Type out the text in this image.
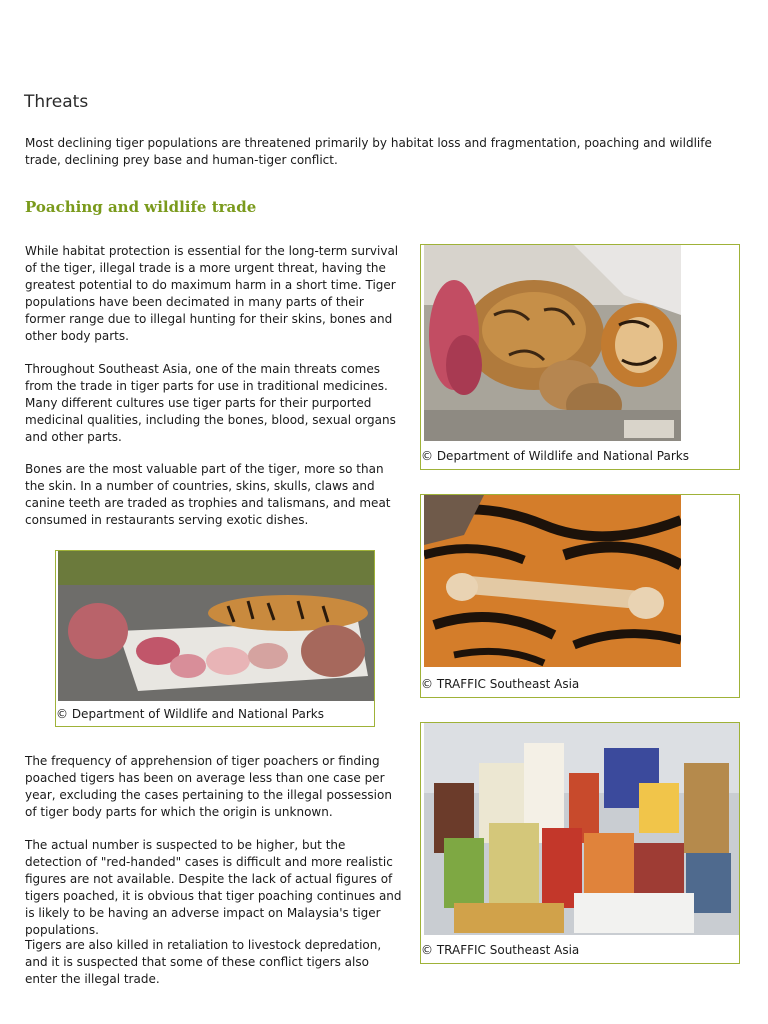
Threats

Most declining tiger populations are threatened primarily by habitat loss and fragmentation, poaching and wildlife trade, declining prey base and human-tiger conflict.

Poaching and wildlife trade

While habitat protection is essential for the long-term survival of the tiger, illegal trade is a more urgent threat, having the greatest potential to do maximum harm in a short time. Tiger populations have been decimated in many parts of their former range due to illegal hunting for their skins, bones and other body parts.

Throughout Southeast Asia, one of the main threats comes from the trade in tiger parts for use in traditional medicines. Many different cultures use tiger parts for their purported medicinal qualities, including the bones, blood, sexual organs and other parts.

Bones are the most valuable part of the tiger, more so than the skin. In a number of countries, skins, skulls, claws and canine teeth are traded as trophies and talismans, and meat consumed in restaurants serving exotic dishes.

The frequency of apprehension of tiger poachers or finding poached tigers has been on average less than one case per year, excluding the cases pertaining to the illegal possession of tiger body parts for which the origin is unknown.

The actual number is suspected to be higher, but the detection of "red-handed" cases is difficult and more realistic figures are not available. Despite the lack of actual figures of tigers poached, it is obvious that tiger poaching continues and is likely to be having an adverse impact on Malaysia's tiger populations.

Tigers are also killed in retaliation to livestock depredation, and it is suspected that some of these conflict tigers also enter the illegal trade.

© Department of Wildlife and National Parks
© TRAFFIC Southeast Asia
© Department of Wildlife and National Parks
© TRAFFIC Southeast Asia
